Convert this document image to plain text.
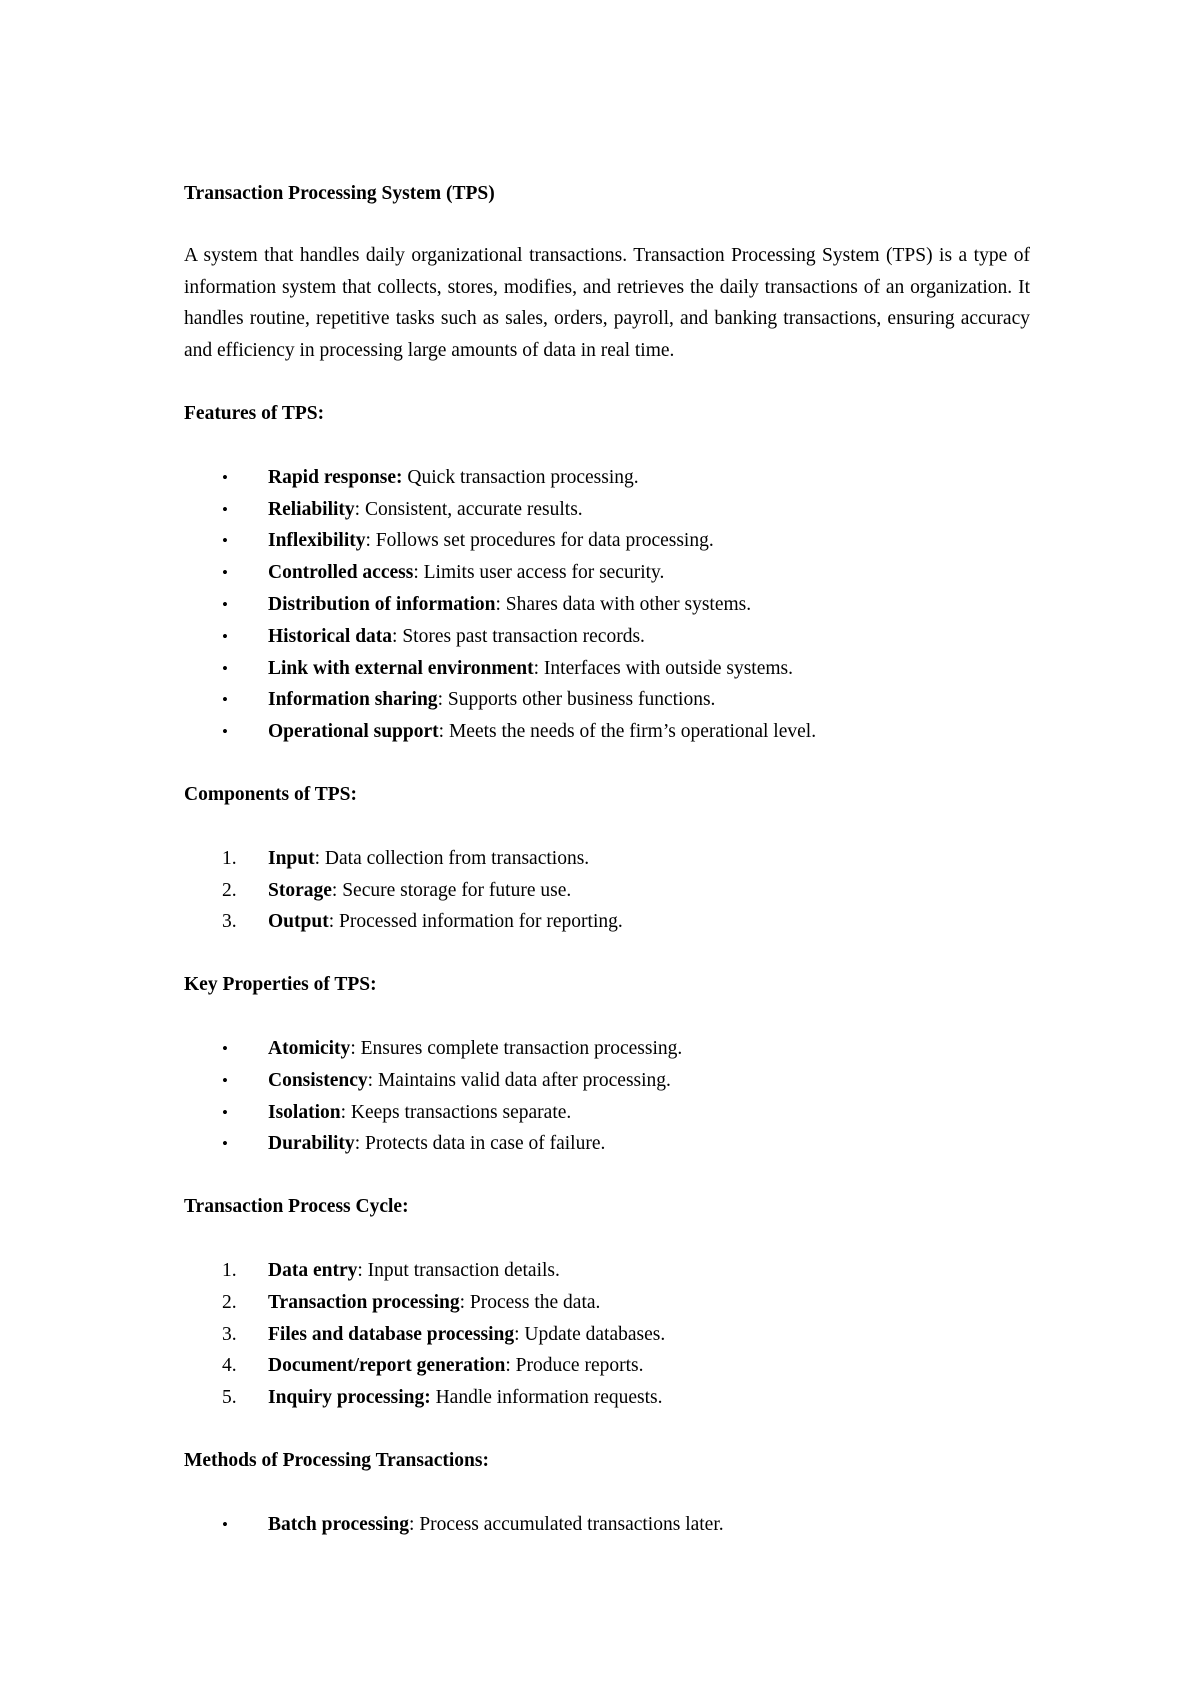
Transaction Processing System (TPS)

A system that handles daily organizational transactions. Transaction Processing System (TPS) is a type of information system that collects, stores, modifies, and retrieves the daily transactions of an organization. It handles routine, repetitive tasks such as sales, orders, payroll, and banking transactions, ensuring accuracy and efficiency in processing large amounts of data in real time.

Features of TPS:

•	Rapid response: Quick transaction processing.
•	Reliability: Consistent, accurate results.
•	Inflexibility: Follows set procedures for data processing.
•	Controlled access: Limits user access for security.
•	Distribution of information: Shares data with other systems.
•	Historical data: Stores past transaction records.
•	Link with external environment: Interfaces with outside systems.
•	Information sharing: Supports other business functions.
•	Operational support: Meets the needs of the firm’s operational level.

Components of TPS:

1.	Input: Data collection from transactions.
2.	Storage: Secure storage for future use.
3.	Output: Processed information for reporting.

Key Properties of TPS:

•	Atomicity: Ensures complete transaction processing.
•	Consistency: Maintains valid data after processing.
•	Isolation: Keeps transactions separate.
•	Durability: Protects data in case of failure.

Transaction Process Cycle:

1.	Data entry: Input transaction details.
2.	Transaction processing: Process the data.
3.	Files and database processing: Update databases.
4.	Document/report generation: Produce reports.
5.	Inquiry processing: Handle information requests.

Methods of Processing Transactions:

•	Batch processing: Process accumulated transactions later.
